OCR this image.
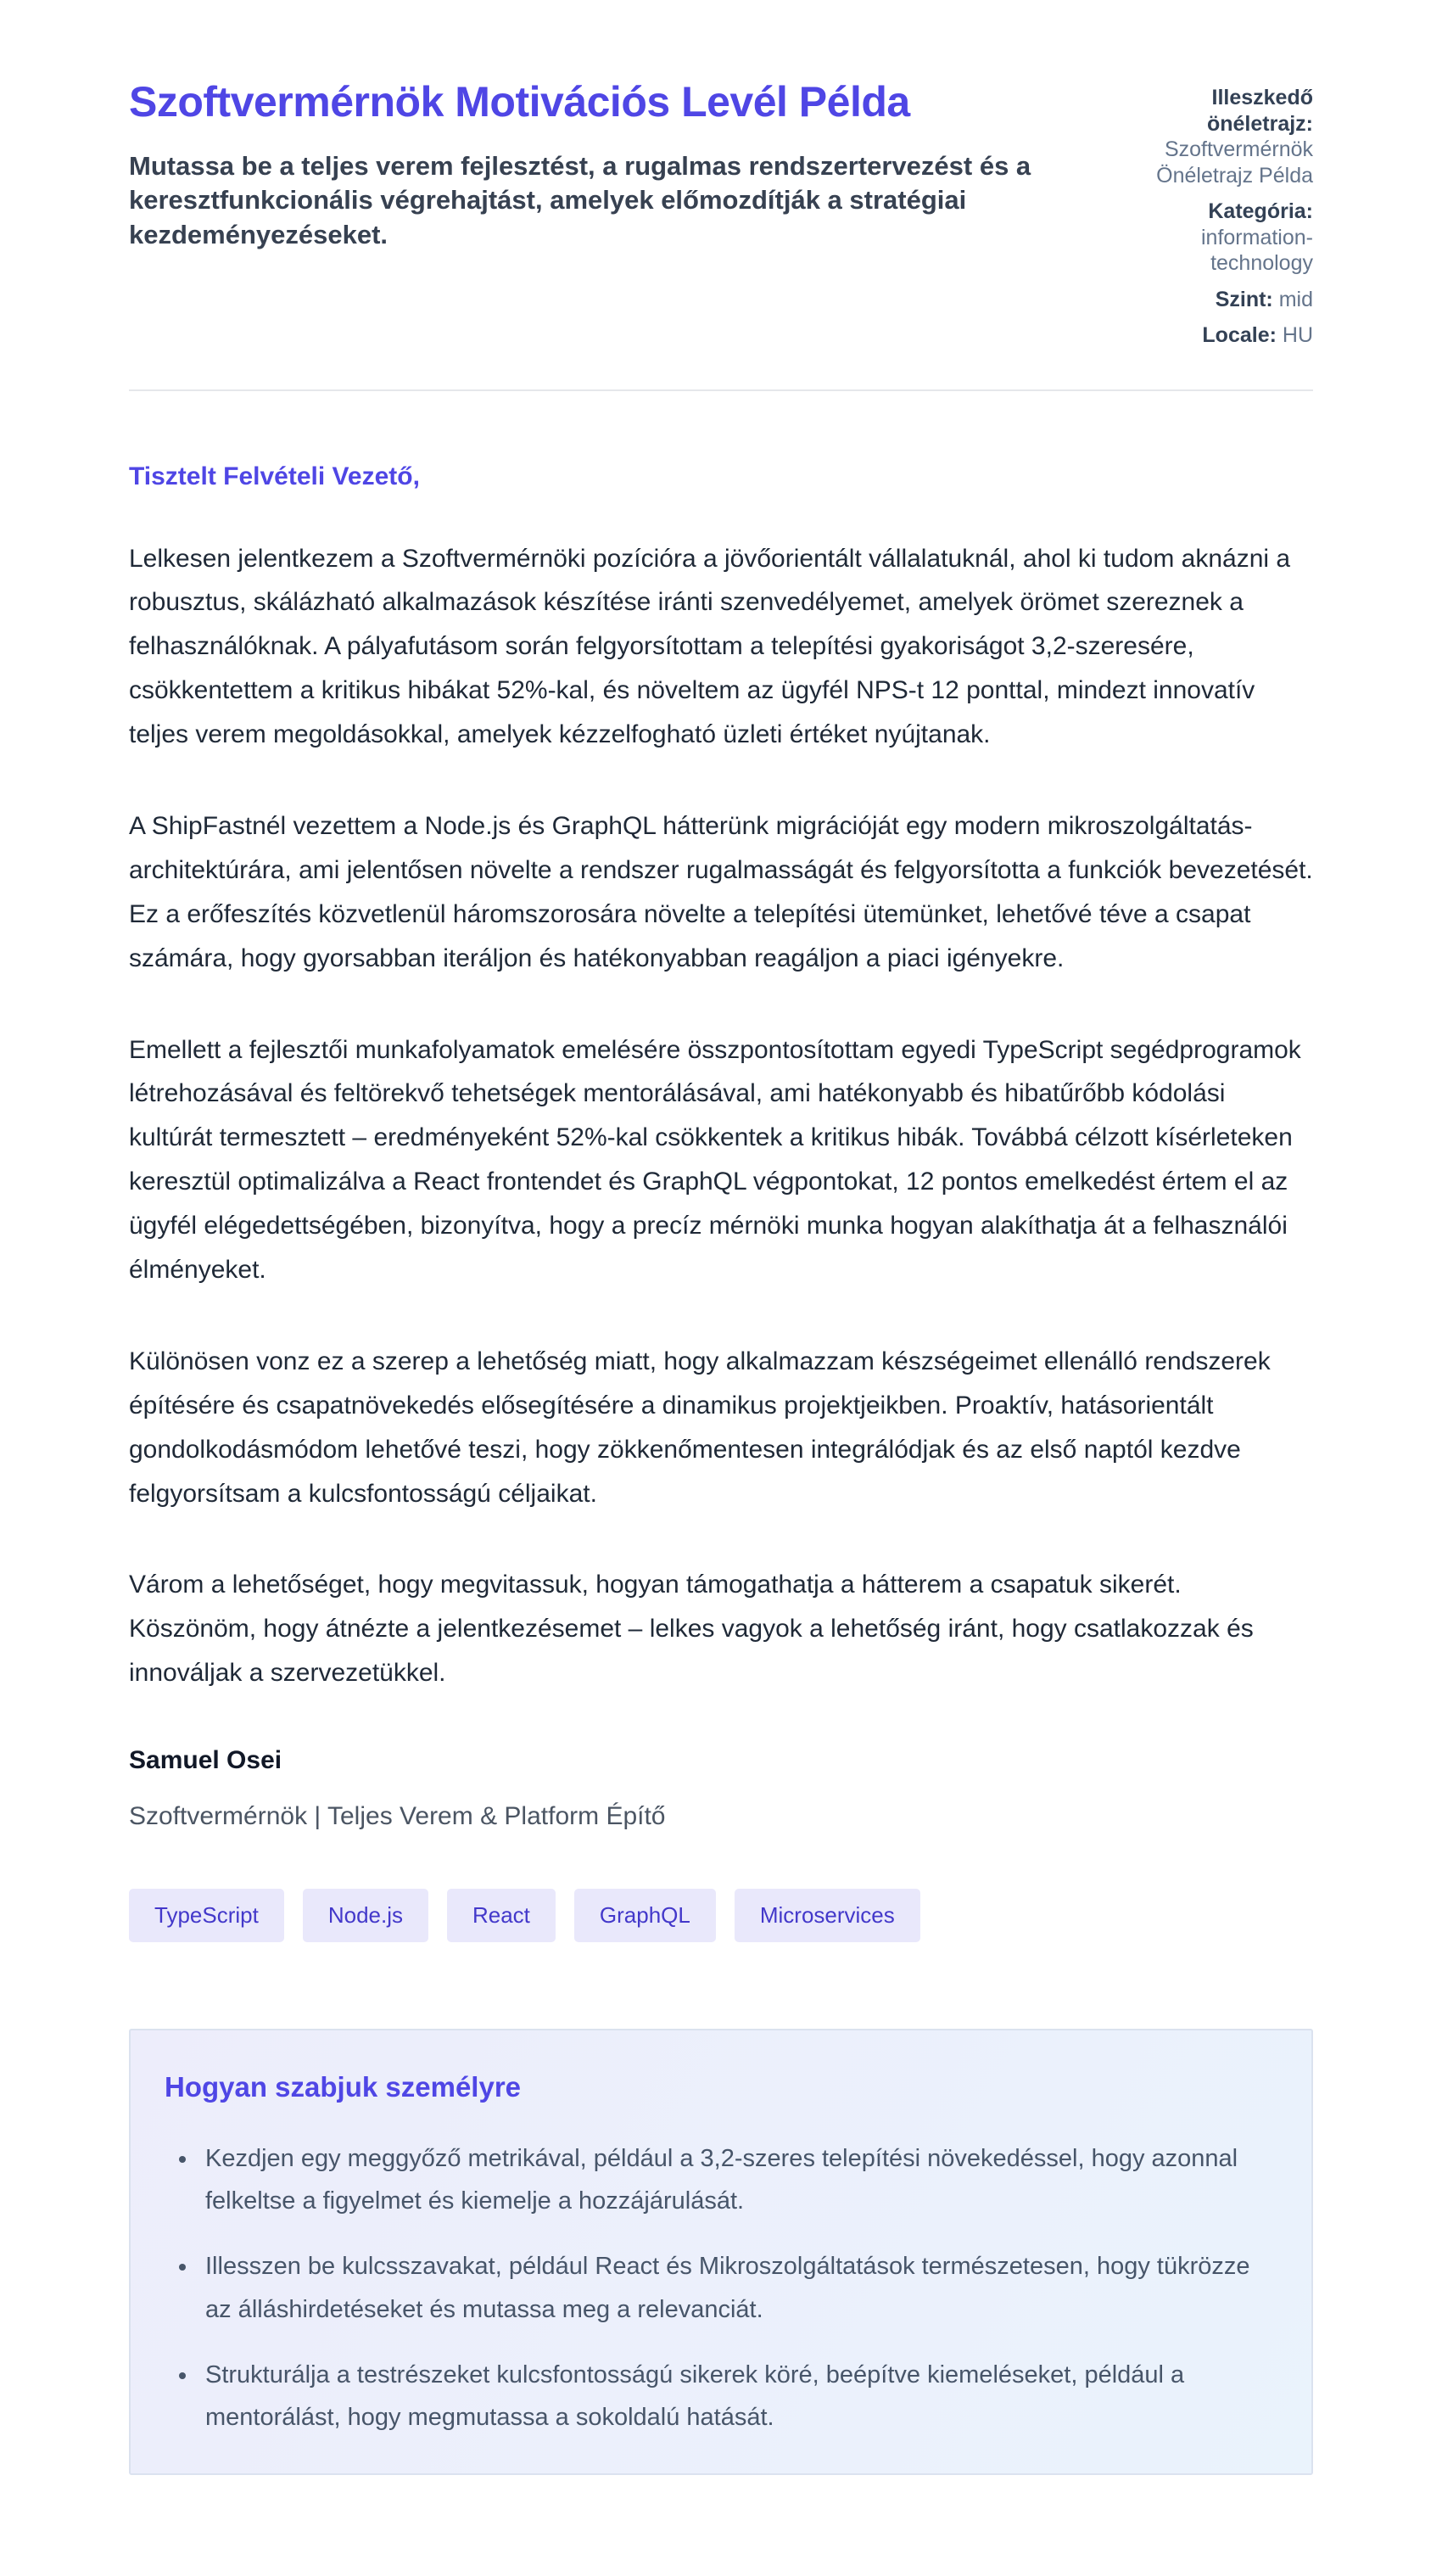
Szoftvermérnök Motivációs Levél Példa

Mutassa be a teljes verem fejlesztést, a rugalmas rendszertervezést és a keresztfunkcionális végrehajtást, amelyek előmozdítják a stratégiai kezdeményezéseket.

Illeszkedő önéletrajz: Szoftvermérnök Önéletrajz Példa
Kategória: information-technology
Szint: mid
Locale: HU

Tisztelt Felvételi Vezető,

Lelkesen jelentkezem a Szoftvermérnöki pozícióra a jövőorientált vállalatuknál, ahol ki tudom aknázni a robusztus, skálázható alkalmazások készítése iránti szenvedélyemet, amelyek örömet szereznek a felhasználóknak. A pályafutásom során felgyorsítottam a telepítési gyakoriságot 3,2-szeresére, csökkentettem a kritikus hibákat 52%-kal, és növeltem az ügyfél NPS-t 12 ponttal, mindezt innovatív teljes verem megoldásokkal, amelyek kézzelfogható üzleti értéket nyújtanak.

A ShipFastnél vezettem a Node.js és GraphQL hátterünk migrációját egy modern mikroszolgáltatás-architektúrára, ami jelentősen növelte a rendszer rugalmasságát és felgyorsította a funkciók bevezetését. Ez a erőfeszítés közvetlenül háromszorosára növelte a telepítési ütemünket, lehetővé téve a csapat számára, hogy gyorsabban iteráljon és hatékonyabban reagáljon a piaci igényekre.

Emellett a fejlesztői munkafolyamatok emelésére összpontosítottam egyedi TypeScript segédprogramok létrehozásával és feltörekvő tehetségek mentorálásával, ami hatékonyabb és hibatűrőbb kódolási kultúrát termesztett – eredményeként 52%-kal csökkentek a kritikus hibák. Továbbá célzott kísérleteken keresztül optimalizálva a React frontendet és GraphQL végpontokat, 12 pontos emelkedést értem el az ügyfél elégedettségében, bizonyítva, hogy a precíz mérnöki munka hogyan alakíthatja át a felhasználói élményeket.

Különösen vonz ez a szerep a lehetőség miatt, hogy alkalmazzam készségeimet ellenálló rendszerek építésére és csapatnövekedés elősegítésére a dinamikus projektjeikben. Proaktív, hatásorientált gondolkodásmódom lehetővé teszi, hogy zökkenőmentesen integrálódjak és az első naptól kezdve felgyorsítsam a kulcsfontosságú céljaikat.

Várom a lehetőséget, hogy megvitassuk, hogyan támogathatja a hátterem a csapatuk sikerét. Köszönöm, hogy átnézte a jelentkezésemet – lelkes vagyok a lehetőség iránt, hogy csatlakozzak és innováljak a szervezetükkel.

Samuel Osei

Szoftvermérnök | Teljes Verem & Platform Építő

TypeScript	Node.js	React	GraphQL	Microservices
Hogyan szabjuk személyre
• Kezdjen egy meggyőző metrikával, például a 3,2-szeres telepítési növekedéssel, hogy azonnal felkeltse a figyelmet és kiemelje a hozzájárulását.
• Illesszen be kulcsszavakat, például React és Mikroszolgáltatások természetesen, hogy tükrözze az álláshirdetéseket és mutassa meg a relevanciát.
• Strukturálja a testrészeket kulcsfontosságú sikerek köré, beépítve kiemeléseket, például a mentorálást, hogy megmutassa a sokoldalú hatását.
